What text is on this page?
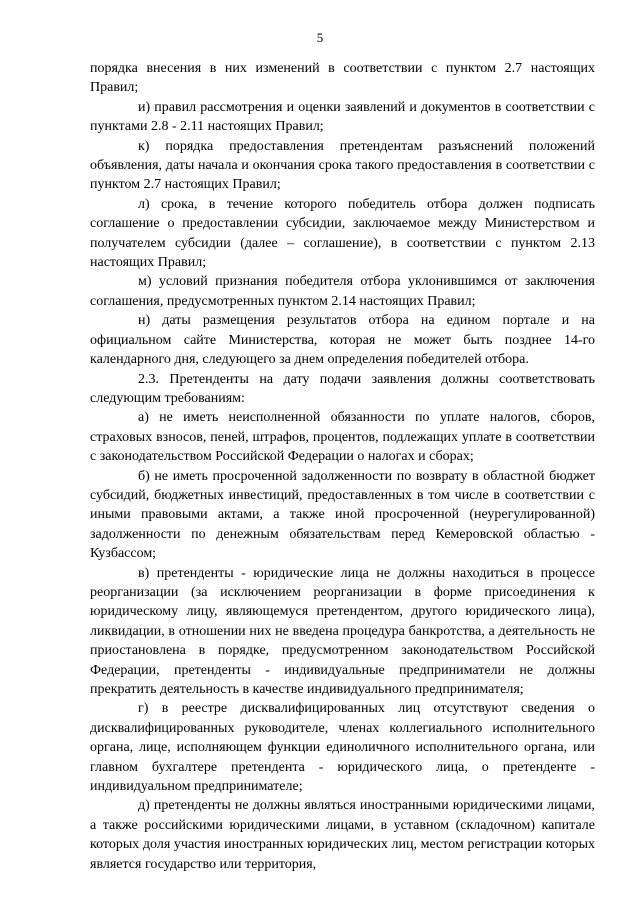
5

порядка внесения в них изменений в соответствии с пунктом 2.7 настоящих Правил;

и) правил рассмотрения и оценки заявлений и документов в соответствии с пунктами 2.8 - 2.11 настоящих Правил;

к) порядка предоставления претендентам разъяснений положений объявления, даты начала и окончания срока такого предоставления в соответствии с пунктом 2.7 настоящих Правил;

л) срока, в течение которого победитель отбора должен подписать соглашение о предоставлении субсидии, заключаемое между Министерством и получателем субсидии (далее – соглашение), в соответствии с пунктом 2.13 настоящих Правил;

м) условий признания победителя отбора уклонившимся от заключения соглашения, предусмотренных пунктом 2.14 настоящих Правил;

н) даты размещения результатов отбора на едином портале и на официальном сайте Министерства, которая не может быть позднее 14-го календарного дня, следующего за днем определения победителей отбора.

2.3. Претенденты на дату подачи заявления должны соответствовать следующим требованиям:

а) не иметь неисполненной обязанности по уплате налогов, сборов, страховых взносов, пеней, штрафов, процентов, подлежащих уплате в соответствии с законодательством Российской Федерации о налогах и сборах;

б) не иметь просроченной задолженности по возврату в областной бюджет субсидий, бюджетных инвестиций, предоставленных в том числе в соответствии с иными правовыми актами, а также иной просроченной (неурегулированной) задолженности по денежным обязательствам перед Кемеровской областью - Кузбассом;

в) претенденты - юридические лица не должны находиться в процессе реорганизации (за исключением реорганизации в форме присоединения к юридическому лицу, являющемуся претендентом, другого юридического лица), ликвидации, в отношении них не введена процедура банкротства, а деятельность не приостановлена в порядке, предусмотренном законодательством Российской Федерации, претенденты - индивидуальные предприниматели не должны прекратить деятельность в качестве индивидуального предпринимателя;

г) в реестре дисквалифицированных лиц отсутствуют сведения о дисквалифицированных руководителе, членах коллегиального исполнительного органа, лице, исполняющем функции единоличного исполнительного органа, или главном бухгалтере претендента - юридического лица, о претенденте - индивидуальном предпринимателе;

д) претенденты не должны являться иностранными юридическими лицами, а также российскими юридическими лицами, в уставном (складочном) капитале которых доля участия иностранных юридических лиц, местом регистрации которых является государство или территория,
